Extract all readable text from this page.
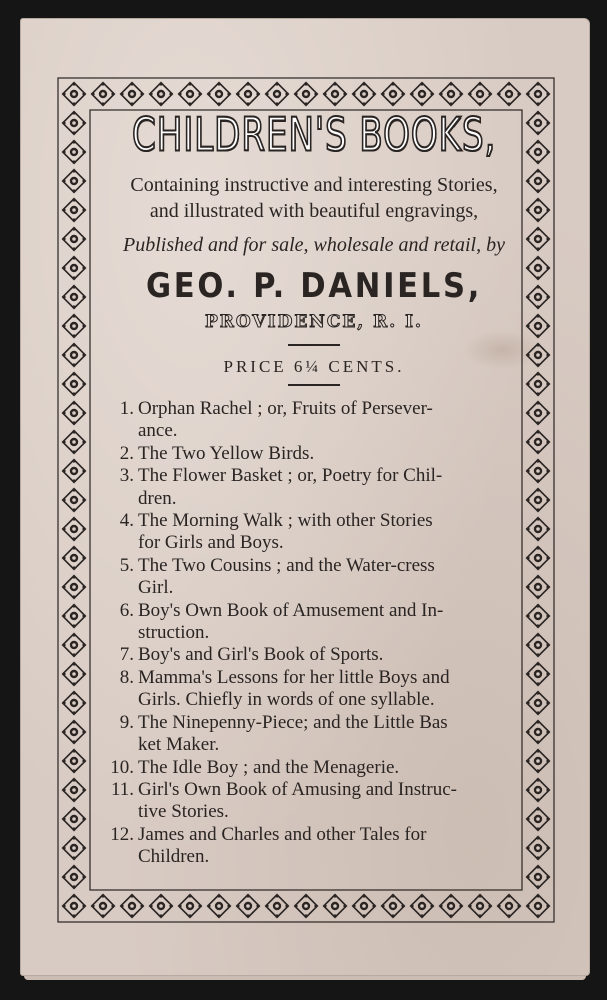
CHILDREN'S BOOKS,
Containing instructive and interesting Stories,
and illustrated with beautiful engravings,
Published and for sale, wholesale and retail, by
GEO. P. DANIELS,
PROVIDENCE, R. I.
PRICE 6¼ CENTS.
1. Orphan Rachel ; or, Fruits of Persever-
ance.
2. The Two Yellow Birds.
3. The Flower Basket ; or, Poetry for Chil-
dren.
4. The Morning Walk ; with other Stories
for Girls and Boys.
5. The Two Cousins ; and the Water-cress
Girl.
6. Boy's Own Book of Amusement and In-
struction.
7. Boy's and Girl's Book of Sports.
8. Mamma's Lessons for her little Boys and
Girls. Chiefly in words of one syllable.
9. The Ninepenny-Piece; and the Little Bas
ket Maker.
10. The Idle Boy ; and the Menagerie.
11. Girl's Own Book of Amusing and Instruc-
tive Stories.
12. James and Charles and other Tales for
Children.
